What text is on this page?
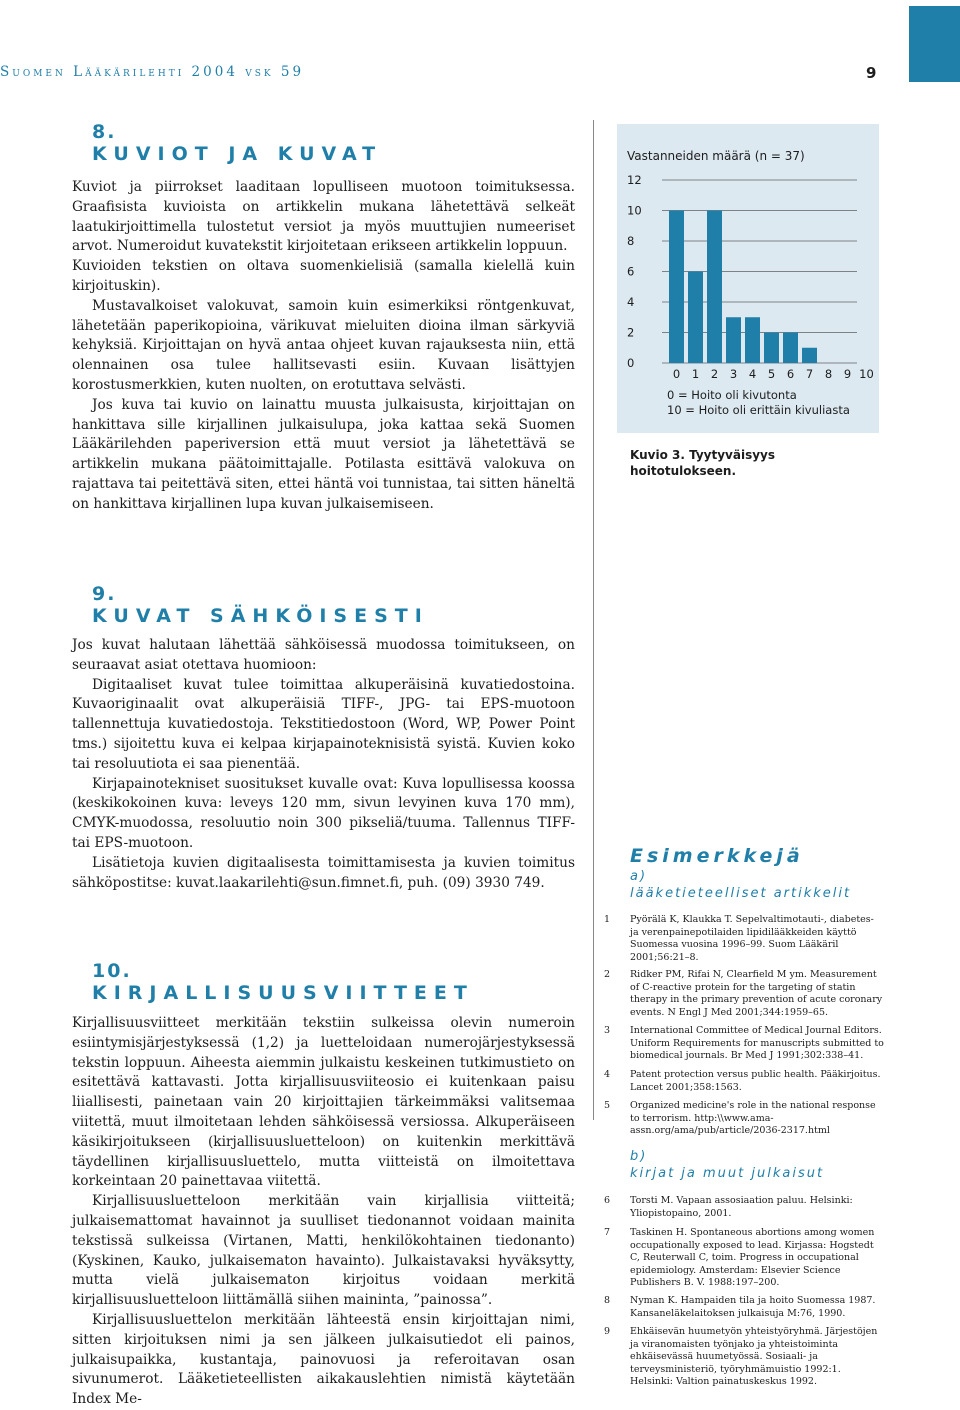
Suomen Lääkärilehti 2004 vsk 59	9
8.
KUVIOT JA KUVAT

Kuviot ja piirrokset laaditaan lopulliseen muotoon toimituksessa. Graafisista kuvioista on artikkelin mukana lähetettävä selkeät laatukirjoittimella tulostetut versiot ja myös muuttujien numeeriset arvot. Numeroidut kuvatekstit kirjoitetaan erikseen artikkelin loppuun.

Kuvioiden tekstien on oltava suomenkielisiä (samalla kielellä kuin kirjoituskin).

Mustavalkoiset valokuvat, samoin kuin esimerkiksi röntgenkuvat, lähetetään paperikopioina, värikuvat mieluiten dioina ilman särkyviä kehyksiä. Kirjoittajan on hyvä antaa ohjeet kuvan rajauksesta niin, että olennainen osa tulee hallitsevasti esiin. Kuvaan lisättyjen korostusmerkkien, kuten nuolten, on erotuttava selvästi.

Jos kuva tai kuvio on lainattu muusta julkaisusta, kirjoittajan on hankittava sille kirjallinen julkaisulupa, joka kattaa sekä Suomen Lääkärilehden paperiversion että muut versiot ja lähetettävä se artikkelin mukana päätoimittajalle. Potilasta esittävä valokuva on rajattava tai peitettävä siten, ettei häntä voi tunnistaa, tai sitten häneltä on hankittava kirjallinen lupa kuvan julkaisemiseen.

Vastanneiden määrä (n = 37)
0
2
4
6
8
10
12
0 1 2 3 4 5 6 7 8 9 10
0 = Hoito oli kivutonta
10 = Hoito oli erittäin kivuliasta
Kuvio 3. Tyytyväisyys
hoitotulokseen.
9.
KUVAT SÄHKÖISESTI

Jos kuvat halutaan lähettää sähköisessä muodossa toimitukseen, on seuraavat asiat otettava huomioon:

Digitaaliset kuvat tulee toimittaa alkuperäisinä kuvatiedostoina. Kuvaoriginaalit ovat alkuperäisiä TIFF-, JPG- tai EPS-muotoon tallennettuja kuvatiedostoja. Tekstitiedostoon (Word, WP, Power Point tms.) sijoitettu kuva ei kelpaa kirjapainoteknisistä syistä. Kuvien koko tai resoluutiota ei saa pienentää.

Kirjapainotekniset suositukset kuvalle ovat: Kuva lopullisessa koossa (keskikokoinen kuva: leveys 120 mm, sivun levyinen kuva 170 mm), CMYK-muodossa, resoluutio noin 300 pikseliä/tuuma. Tallennus TIFF- tai EPS-muotoon.

Lisätietoja kuvien digitaalisesta toimittamisesta ja kuvien toimitus sähköpostitse: kuvat.laakarilehti@sun.fimnet.fi, puh. (09) 3930 749.

10.
KIRJALLISUUSVIITTEET

Kirjallisuusviitteet merkitään tekstiin sulkeissa olevin numeroin esiintymisjärjestyksessä (1,2) ja luetteloidaan numerojärjestyksessä tekstin loppuun. Aiheesta aiemmin julkaistu keskeinen tutkimustieto on esitettävä kattavasti. Jotta kirjallisuusviiteosio ei kuitenkaan paisu liiallisesti, painetaan vain 20 kirjoittajien tärkeimmäksi valitsemaa viitettä, muut ilmoitetaan lehden sähköisessä versiossa. Alkuperäiseen käsikirjoitukseen (kirjallisuusluetteloon) on kuitenkin merkittävä täydellinen kirjallisuusluettelo, mutta viitteistä on ilmoitettava korkeintaan 20 painettavaa viitettä.

Kirjallisuusluetteloon merkitään vain kirjallisia viitteitä; julkaisemattomat havainnot ja suulliset tiedonannot voidaan mainita tekstissä sulkeissa (Virtanen, Matti, henkilökohtainen tiedonanto) (Kyskinen, Kauko, julkaisematon havainto). Julkaistavaksi hyväksytty, mutta vielä julkaisematon kirjoitus voidaan merkitä kirjallisuusluetteloon liittämällä siihen maininta, ”painossa”.

Kirjallisuusluettelon merkitään lähteestä ensin kirjoittajan nimi, sitten kirjoituksen nimi ja sen jälkeen julkaisutiedot eli painos, julkaisupaikka, kustantaja, painovuosi ja referoitavan osan sivunumerot. Lääketieteellisten aikakauslehtien nimistä käytetään Index Me-

Esimerkkejä
a)
lääketieteelliset artikkelit
1 Pyörälä K, Klaukka T. Sepelvaltimotauti-, diabetes- ja verenpainepotilaiden lipidilääkkeiden käyttö Suomessa vuosina 1996–99. Suom Lääkäril 2001;56:21–8.
2 Ridker PM, Rifai N, Clearfield M ym. Measurement of C-reactive protein for the targeting of statin therapy in the primary prevention of acute coronary events. N Engl J Med 2001;344:1959–65.
3 International Committee of Medical Journal Editors. Uniform Requirements for manuscripts submitted to biomedical journals. Br Med J 1991;302:338–41.
4 Patent protection versus public health. Pääkirjoitus. Lancet 2001;358:1563.
5 Organized medicine's role in the national response to terrorism. http:\\www.ama-assn.org/ama/pub/article/2036-2317.html
b)
kirjat ja muut julkaisut
6 Torsti M. Vapaan assosiaation paluu. Helsinki: Yliopistopaino, 2001.
7 Taskinen H. Spontaneous abortions among women occupationally exposed to lead. Kirjassa: Hogstedt C, Reuterwall C, toim. Progress in occupational epidemiology. Amsterdam: Elsevier Science Publishers B. V. 1988:197–200.
8 Nyman K. Hampaiden tila ja hoito Suomessa 1987. Kansaneläkelaitoksen julkaisuja M:76, 1990.
9 Ehkäisevän huumetyön yhteistyöryhmä. Järjestöjen ja viranomaisten työnjako ja yhteistoiminta ehkäisevässä huumetyössä. Sosiaali- ja terveysministeriö, työryhmämuistio 1992:1. Helsinki: Valtion painatuskeskus 1992.
